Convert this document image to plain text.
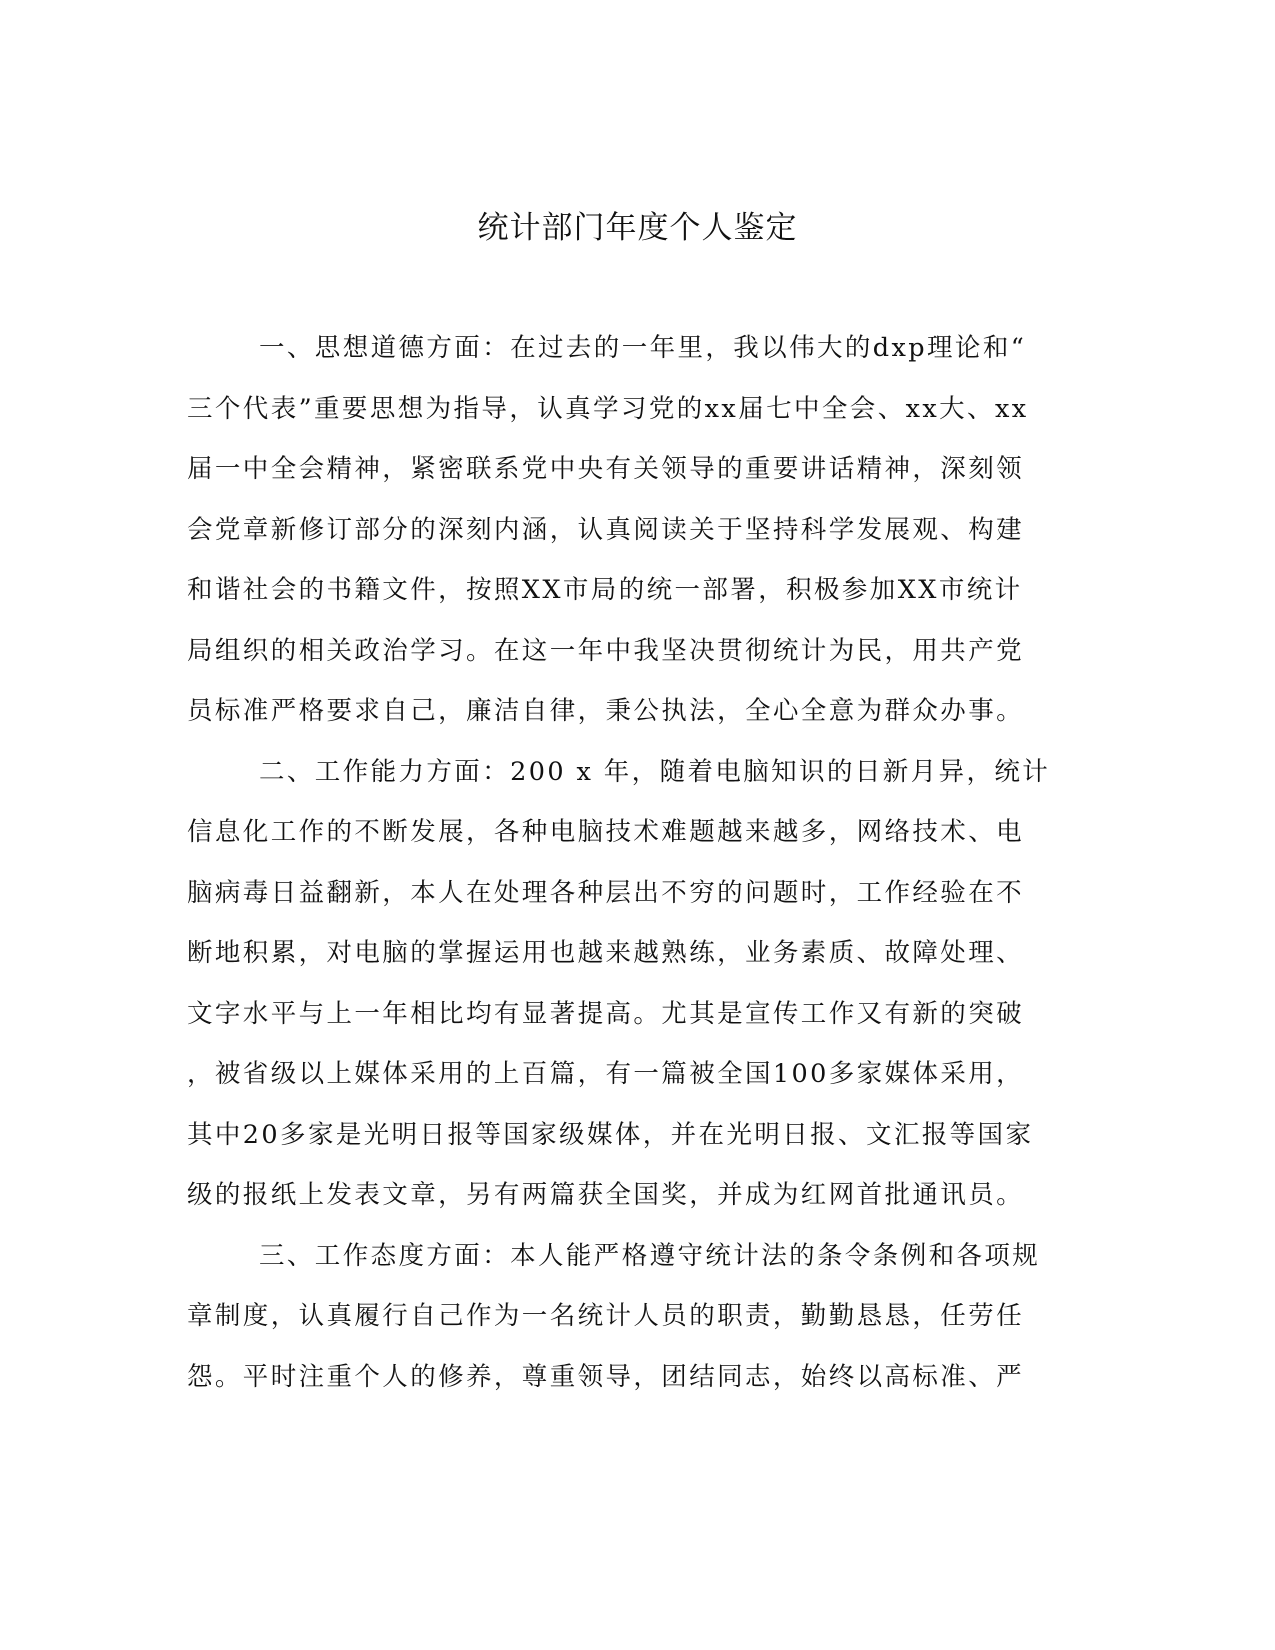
统计部门年度个人鉴定
一、思想道德方面：在过去的一年里，我以伟大的dxp理论和“
三个代表”重要思想为指导，认真学习党的xx届七中全会、xx大、xx
届一中全会精神，紧密联系党中央有关领导的重要讲话精神，深刻领
会党章新修订部分的深刻内涵，认真阅读关于坚持科学发展观、构建
和谐社会的书籍文件，按照XX市局的统一部署，积极参加XX市统计
局组织的相关政治学习。在这一年中我坚决贯彻统计为民，用共产党
员标准严格要求自己，廉洁自律，秉公执法，全心全意为群众办事。
二、工作能力方面：200 x 年，随着电脑知识的日新月异，统计
信息化工作的不断发展，各种电脑技术难题越来越多，网络技术、电
脑病毒日益翻新，本人在处理各种层出不穷的问题时，工作经验在不
断地积累，对电脑的掌握运用也越来越熟练，业务素质、故障处理、
文字水平与上一年相比均有显著提高。尤其是宣传工作又有新的突破
，被省级以上媒体采用的上百篇，有一篇被全国100多家媒体采用，
其中20多家是光明日报等国家级媒体，并在光明日报、文汇报等国家
级的报纸上发表文章，另有两篇获全国奖，并成为红网首批通讯员。
三、工作态度方面：本人能严格遵守统计法的条令条例和各项规
章制度，认真履行自己作为一名统计人员的职责，勤勤恳恳，任劳任
怨。平时注重个人的修养，尊重领导，团结同志，始终以高标准、严
